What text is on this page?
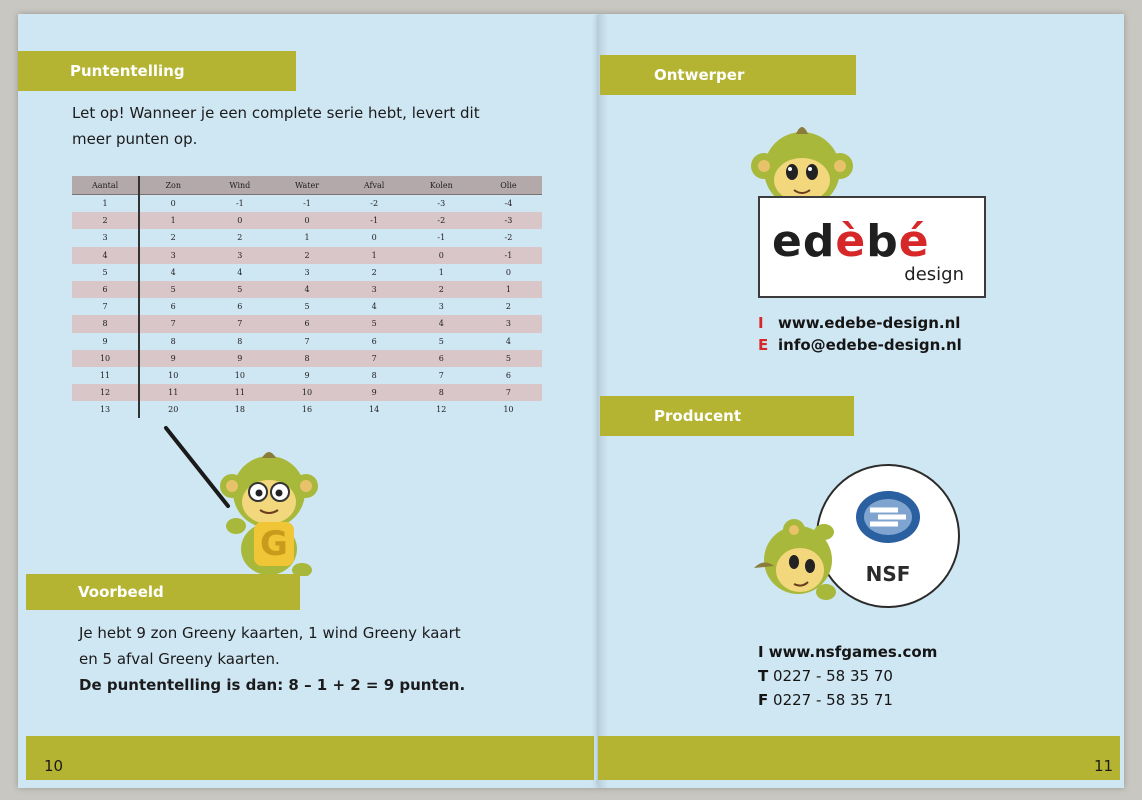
Puntentelling
Let op! Wanneer je een complete serie hebt, levert dit
meer punten op.
Aantal	Zon	Wind	Water	Afval	Kolen	Olie
1	0	-1	-1	-2	-3	-4
2	1	0	0	-1	-2	-3
3	2	2	1	0	-1	-2
4	3	3	2	1	0	-1
5	4	4	3	2	1	0
6	5	5	4	3	2	1
7	6	6	5	4	3	2
8	7	7	6	5	4	3
9	8	8	7	6	5	4
10	9	9	8	7	6	5
11	10	10	9	8	7	6
12	11	11	10	9	8	7
13	20	18	16	14	12	10
G
Voorbeeld
Je hebt 9 zon Greeny kaarten, 1 wind Greeny kaart
en 5 afval Greeny kaarten.
De puntentelling is dan: 8 – 1 + 2 = 9 punten.
10
Ontwerper
edèbé
design
I www.edebe-design.nl
E info@edebe-design.nl
Producent
NSF
I www.nsfgames.com
T 0227 - 58 35 70
F 0227 - 58 35 71
11
